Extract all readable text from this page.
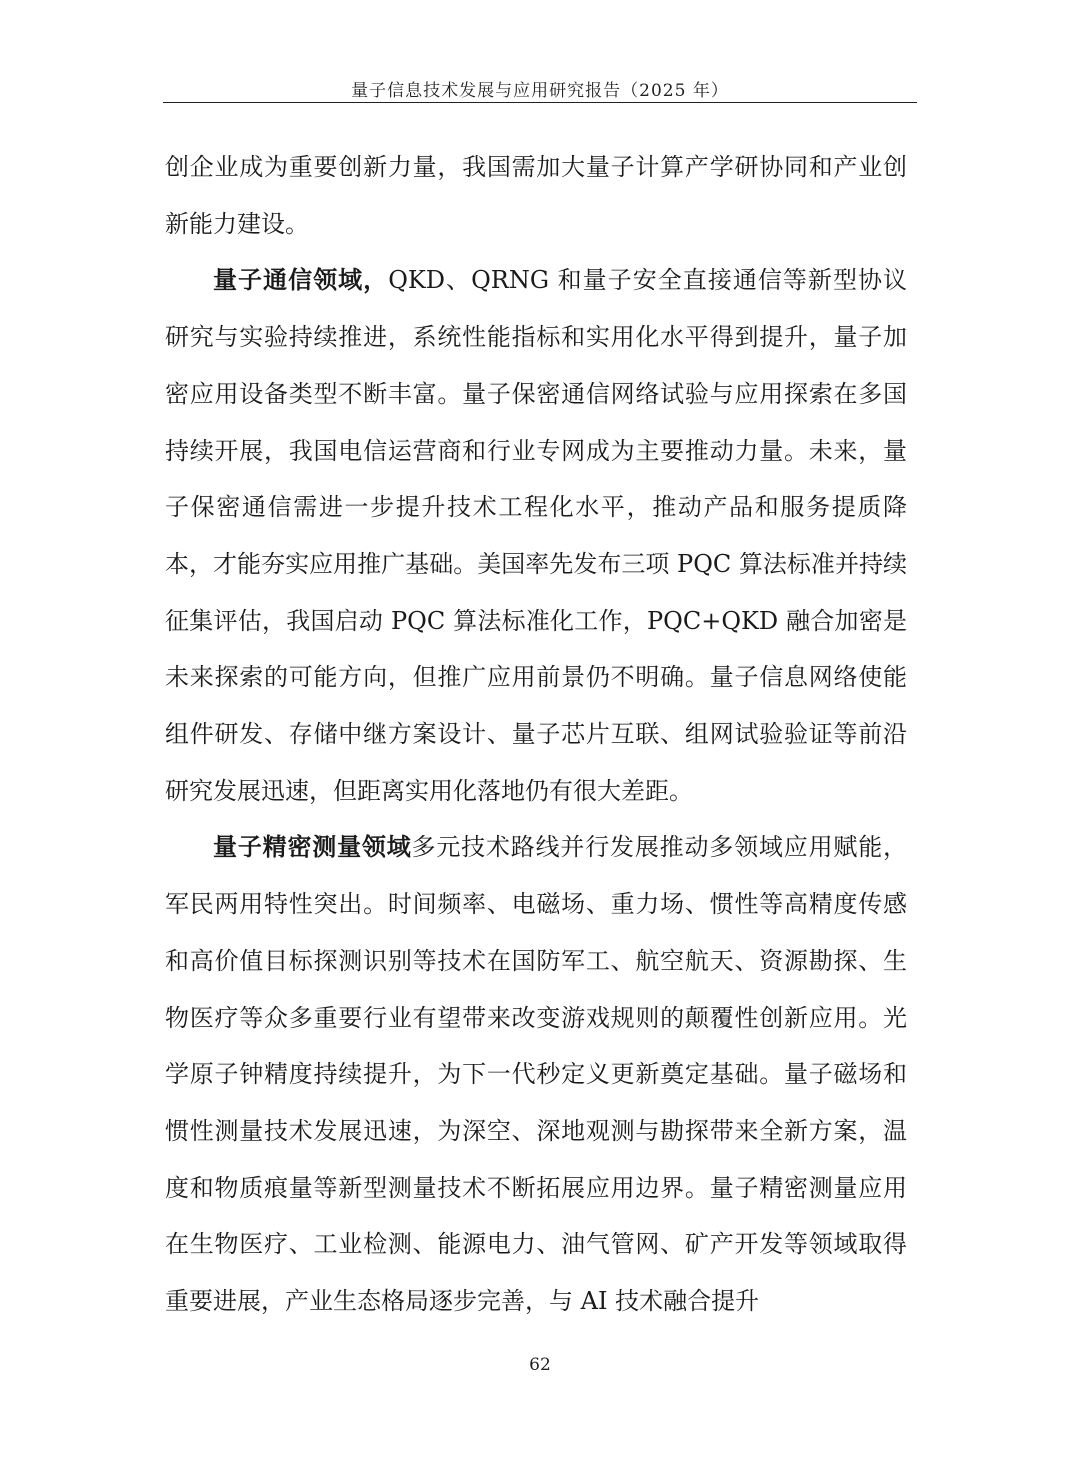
量子信息技术发展与应用研究报告（2025 年）

创企业成为重要创新力量，我国需加大量子计算产学研协同和产业创新能力建设。

量子通信领域，QKD、QRNG 和量子安全直接通信等新型协议研究与实验持续推进，系统性能指标和实用化水平得到提升，量子加密应用设备类型不断丰富。量子保密通信网络试验与应用探索在多国持续开展，我国电信运营商和行业专网成为主要推动力量。未来，量子保密通信需进一步提升技术工程化水平，推动产品和服务提质降本，才能夯实应用推广基础。美国率先发布三项 PQC 算法标准并持续征集评估，我国启动 PQC 算法标准化工作，PQC+QKD 融合加密是未来探索的可能方向，但推广应用前景仍不明确。量子信息网络使能组件研发、存储中继方案设计、量子芯片互联、组网试验验证等前沿研究发展迅速，但距离实用化落地仍有很大差距。

量子精密测量领域多元技术路线并行发展推动多领域应用赋能，军民两用特性突出。时间频率、电磁场、重力场、惯性等高精度传感和高价值目标探测识别等技术在国防军工、航空航天、资源勘探、生物医疗等众多重要行业有望带来改变游戏规则的颠覆性创新应用。光学原子钟精度持续提升，为下一代秒定义更新奠定基础。量子磁场和惯性测量技术发展迅速，为深空、深地观测与勘探带来全新方案，温度和物质痕量等新型测量技术不断拓展应用边界。量子精密测量应用在生物医疗、工业检测、能源电力、油气管网、矿产开发等领域取得重要进展，产业生态格局逐步完善，与 AI 技术融合提升

62
